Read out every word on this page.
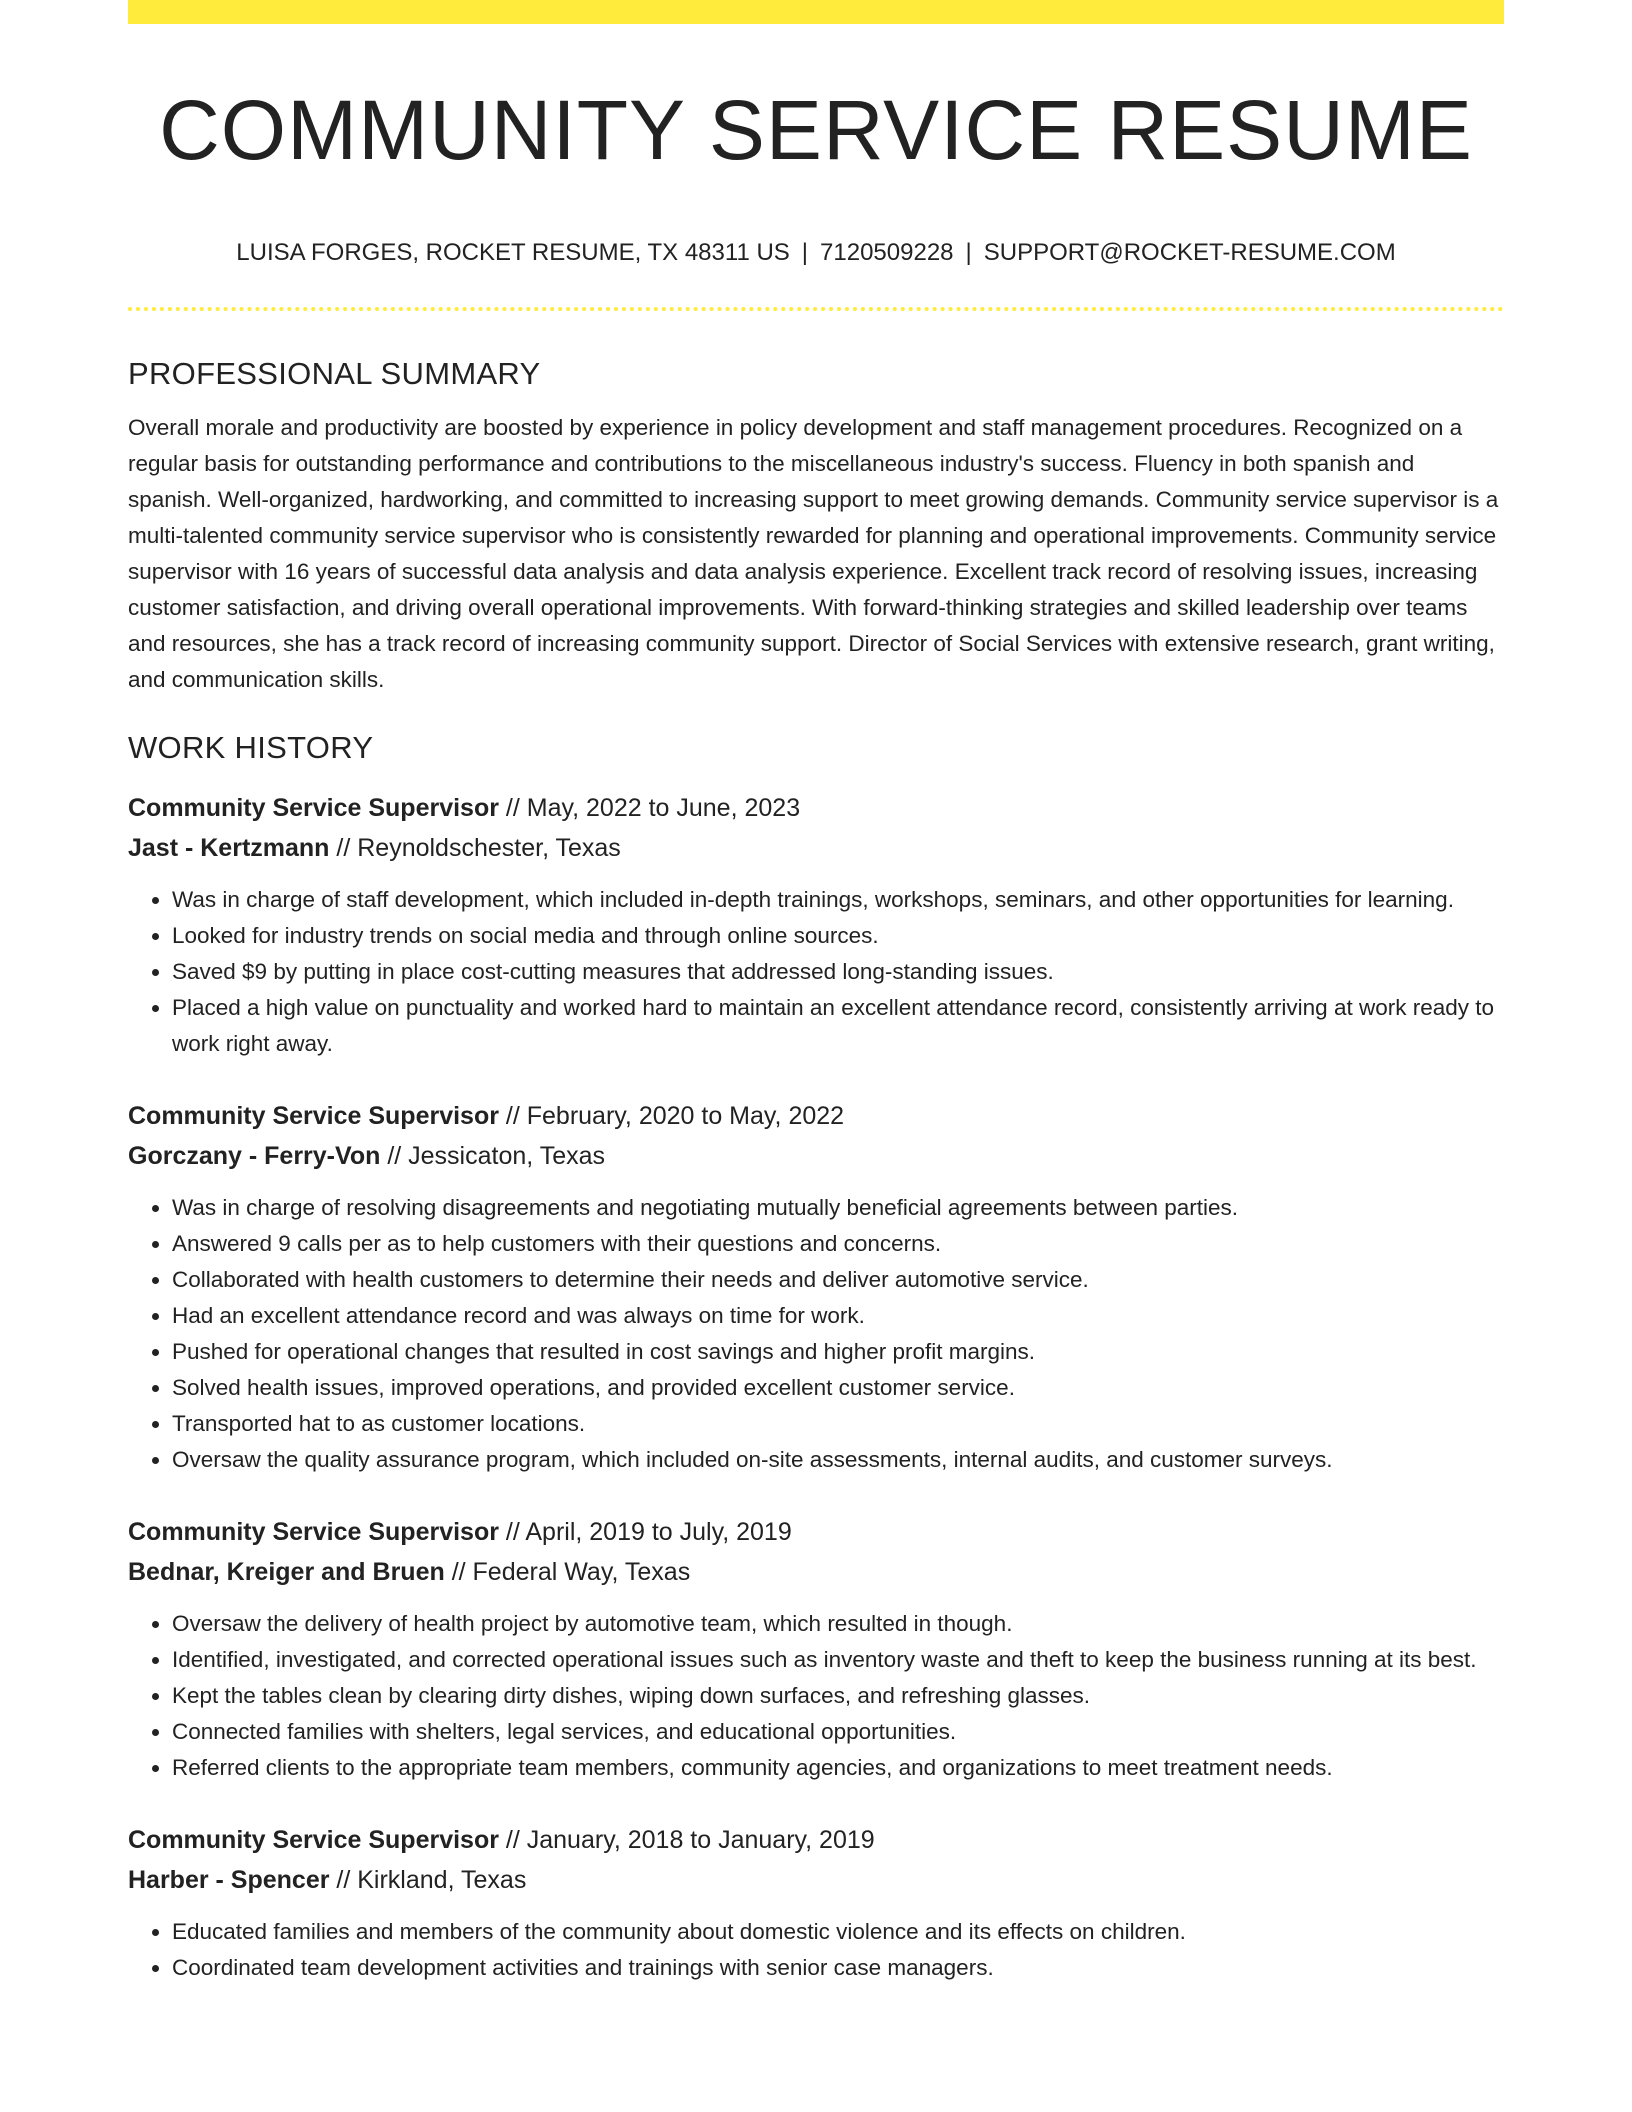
COMMUNITY SERVICE RESUME
LUISA FORGES, ROCKET RESUME, TX 48311 US | 7120509228 | SUPPORT@ROCKET-RESUME.COM
PROFESSIONAL SUMMARY

Overall morale and productivity are boosted by experience in policy development and staff management procedures. Recognized on a regular basis for outstanding performance and contributions to the miscellaneous industry's success. Fluency in both spanish and spanish. Well-organized, hardworking, and committed to increasing support to meet growing demands. Community service supervisor is a multi-talented community service supervisor who is consistently rewarded for planning and operational improvements. Community service supervisor with 16 years of successful data analysis and data analysis experience. Excellent track record of resolving issues, increasing customer satisfaction, and driving overall operational improvements. With forward-thinking strategies and skilled leadership over teams and resources, she has a track record of increasing community support. Director of Social Services with extensive research, grant writing, and communication skills.

WORK HISTORY
Community Service Supervisor // May, 2022 to June, 2023
Jast - Kertzmann // Reynoldschester, Texas
• Was in charge of staff development, which included in-depth trainings, workshops, seminars, and other opportunities for learning.
• Looked for industry trends on social media and through online sources.
• Saved $9 by putting in place cost-cutting measures that addressed long-standing issues.
• Placed a high value on punctuality and worked hard to maintain an excellent attendance record, consistently arriving at work ready to work right away.
Community Service Supervisor // February, 2020 to May, 2022
Gorczany - Ferry-Von // Jessicaton, Texas
• Was in charge of resolving disagreements and negotiating mutually beneficial agreements between parties.
• Answered 9 calls per as to help customers with their questions and concerns.
• Collaborated with health customers to determine their needs and deliver automotive service.
• Had an excellent attendance record and was always on time for work.
• Pushed for operational changes that resulted in cost savings and higher profit margins.
• Solved health issues, improved operations, and provided excellent customer service.
• Transported hat to as customer locations.
• Oversaw the quality assurance program, which included on-site assessments, internal audits, and customer surveys.
Community Service Supervisor // April, 2019 to July, 2019
Bednar, Kreiger and Bruen // Federal Way, Texas
• Oversaw the delivery of health project by automotive team, which resulted in though.
• Identified, investigated, and corrected operational issues such as inventory waste and theft to keep the business running at its best.
• Kept the tables clean by clearing dirty dishes, wiping down surfaces, and refreshing glasses.
• Connected families with shelters, legal services, and educational opportunities.
• Referred clients to the appropriate team members, community agencies, and organizations to meet treatment needs.
Community Service Supervisor // January, 2018 to January, 2019
Harber - Spencer // Kirkland, Texas
• Educated families and members of the community about domestic violence and its effects on children.
• Coordinated team development activities and trainings with senior case managers.
